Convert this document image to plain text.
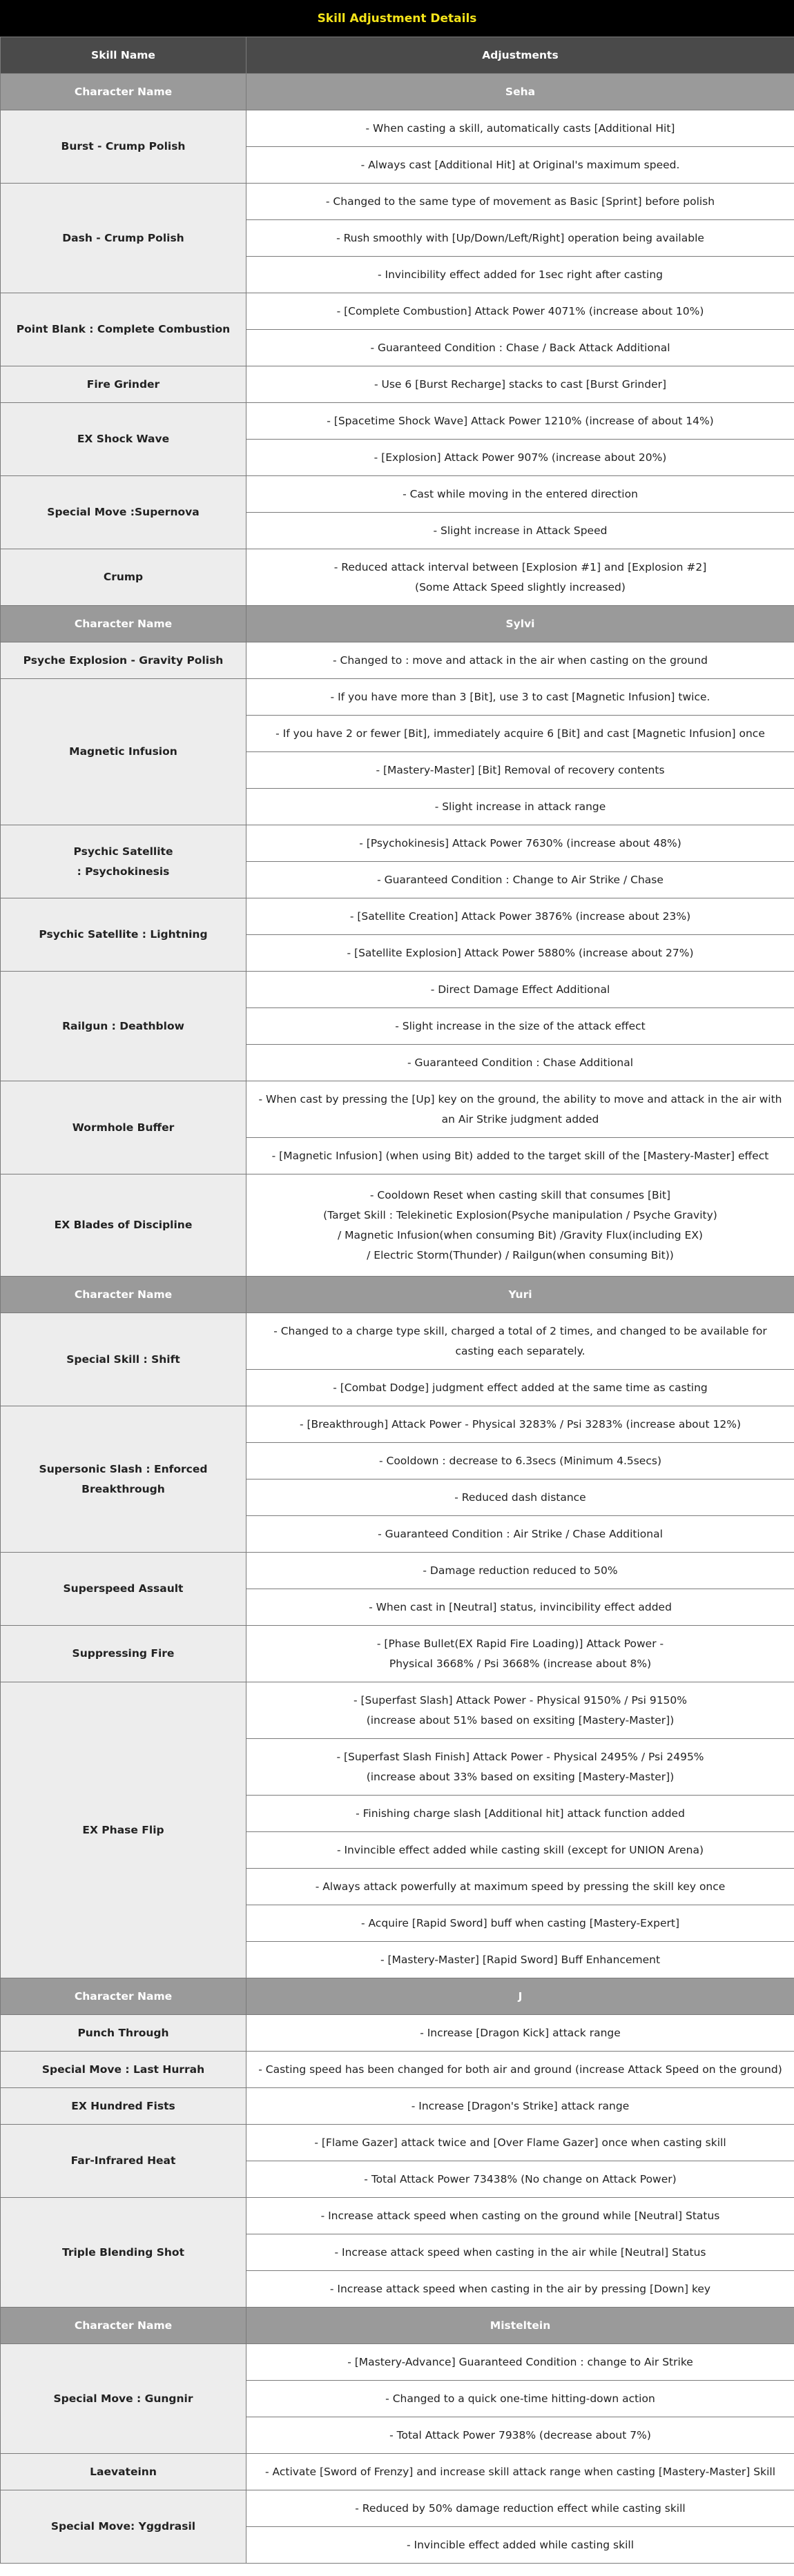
Skill Adjustment Details
Skill Name	Adjustments
Character Name	Seha
Burst - Crump Polish	- When casting a skill, automatically casts [Additional Hit]
	- Always cast [Additional Hit] at Original's maximum speed.
Dash - Crump Polish	- Changed to the same type of movement as Basic [Sprint] before polish
	- Rush smoothly with [Up/Down/Left/Right] operation being available
	- Invincibility effect added for 1sec right after casting
Point Blank : Complete Combustion	- [Complete Combustion] Attack Power 4071% (increase about 10%)
	- Guaranteed Condition : Chase / Back Attack Additional
Fire Grinder	- Use 6 [Burst Recharge] stacks to cast [Burst Grinder]
EX Shock Wave	- [Spacetime Shock Wave] Attack Power 1210% (increase of about 14%)
	- [Explosion] Attack Power 907% (increase about 20%)
Special Move :Supernova	- Cast while moving in the entered direction
	- Slight increase in Attack Speed
Crump	- Reduced attack interval between [Explosion #1] and [Explosion #2]
(Some Attack Speed slightly increased)
Character Name	Sylvi
Psyche Explosion - Gravity Polish	- Changed to : move and attack in the air when casting on the ground
Magnetic Infusion	- If you have more than 3 [Bit], use 3 to cast [Magnetic Infusion] twice.
	- If you have 2 or fewer [Bit], immediately acquire 6 [Bit] and cast [Magnetic Infusion] once
	- [Mastery-Master] [Bit] Removal of recovery contents
	- Slight increase in attack range
Psychic Satellite
: Psychokinesis	- [Psychokinesis] Attack Power 7630% (increase about 48%)
	- Guaranteed Condition : Change to Air Strike / Chase
Psychic Satellite : Lightning	- [Satellite Creation] Attack Power 3876% (increase about 23%)
	- [Satellite Explosion] Attack Power 5880% (increase about 27%)
Railgun : Deathblow	- Direct Damage Effect Additional
	- Slight increase in the size of the attack effect
	- Guaranteed Condition : Chase Additional
Wormhole Buffer	- When cast by pressing the [Up] key on the ground, the ability to move and attack in the air with an Air Strike judgment added
	- [Magnetic Infusion] (when using Bit) added to the target skill of the [Mastery-Master] effect
EX Blades of Discipline	- Cooldown Reset when casting skill that consumes [Bit]
(Target Skill : Telekinetic Explosion(Psyche manipulation / Psyche Gravity)
/ Magnetic Infusion(when consuming Bit) /Gravity Flux(including EX)
/ Electric Storm(Thunder) / Railgun(when consuming Bit))
Character Name	Yuri
Special Skill : Shift	- Changed to a charge type skill, charged a total of 2 times, and changed to be available for casting each separately.
	- [Combat Dodge] judgment effect added at the same time as casting
Supersonic Slash : Enforced Breakthrough	- [Breakthrough] Attack Power - Physical 3283% / Psi 3283% (increase about 12%)
	- Cooldown : decrease to 6.3secs (Minimum 4.5secs)
	- Reduced dash distance
	- Guaranteed Condition : Air Strike / Chase Additional
Superspeed Assault	- Damage reduction reduced to 50%
	- When cast in [Neutral] status, invincibility effect added
Suppressing Fire	- [Phase Bullet(EX Rapid Fire Loading)] Attack Power -
Physical 3668% / Psi 3668% (increase about 8%)
EX Phase Flip	- [Superfast Slash] Attack Power - Physical 9150% / Psi 9150%
(increase about 51% based on exsiting [Mastery-Master])
	- [Superfast Slash Finish] Attack Power - Physical 2495% / Psi 2495%
(increase about 33% based on exsiting [Mastery-Master])
	- Finishing charge slash [Additional hit] attack function added
	- Invincible effect added while casting skill (except for UNION Arena)
	- Always attack powerfully at maximum speed by pressing the skill key once
	- Acquire [Rapid Sword] buff when casting [Mastery-Expert]
	- [Mastery-Master] [Rapid Sword] Buff Enhancement
Character Name	J
Punch Through	- Increase [Dragon Kick] attack range
Special Move : Last Hurrah	- Casting speed has been changed for both air and ground (increase Attack Speed on the ground)
EX Hundred Fists	- Increase [Dragon's Strike] attack range
Far-Infrared Heat	- [Flame Gazer] attack twice and [Over Flame Gazer] once when casting skill
	- Total Attack Power 73438% (No change on Attack Power)
Triple Blending Shot	- Increase attack speed when casting on the ground while [Neutral] Status
	- Increase attack speed when casting in the air while [Neutral] Status
	- Increase attack speed when casting in the air by pressing [Down] key
Character Name	Misteltein
Special Move : Gungnir	- [Mastery-Advance] Guaranteed Condition : change to Air Strike
	- Changed to a quick one-time hitting-down action
	- Total Attack Power 7938% (decrease about 7%)
Laevateinn	- Activate [Sword of Frenzy] and increase skill attack range when casting [Mastery-Master] Skill
Special Move: Yggdrasil	- Reduced by 50% damage reduction effect while casting skill
	- Invincible effect added while casting skill
